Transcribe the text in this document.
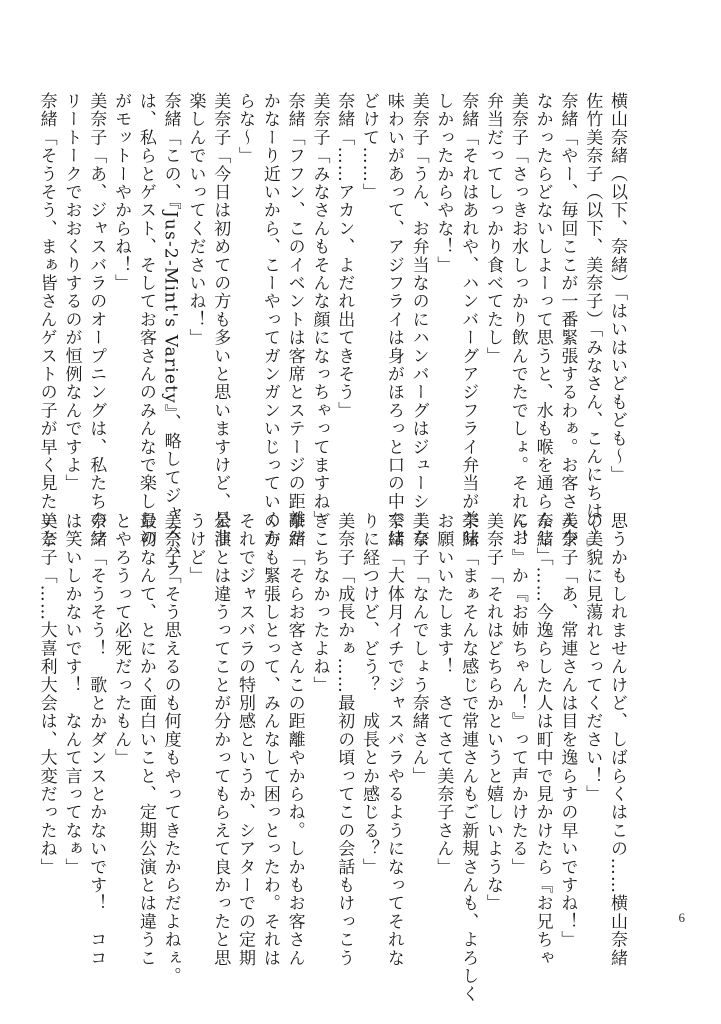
横山奈緒（以下、奈緒）「はいはいどもども～」

佐竹美奈子（以下、美奈子）「みなさん、こんにちは～」

奈緒「やー、毎回ここが一番緊張するわぁ。お客さん少

なかったらどないしよーって思うと、水も喉を通らんし」

美奈子「さっきお水しっかり飲んでたでしょ。それにお

弁当だってしっかり食べてたし」

奈緒「それはあれや、ハンバーグアジフライ弁当が美味

しかったからやな！」

美奈子「うん、お弁当なのにハンバーグはジューシーな

味わいがあって、アジフライは身がほろっと口の中でほ

どけて……」

奈緒「……アカン、よだれ出てきそう」

美奈子「みなさんもそんな顔になっちゃってますね」

奈緒「フフン、このイベントは客席とステージの距離が

かなーり近いから、こーやってガンガンいじっていくか

らな～」

美奈子「今日は初めての方も多いと思いますけど、是非

楽しんでいってくださいね！」

奈緒「この、『Jus-2-Mint's Variety』、略してジャスバラ

は、私らとゲスト、そしてお客さんのみんなで楽しむの

がモットーやからね！」

美奈子「あ、ジャスバラのオープニングは、私たちのフ

リートークでおおくりするのが恒例なんですよ」

奈緒「そうそう、まぁ皆さんゲストの子が早く見たいと

思うかもしれませんけど、しばらくはこの……横山奈緒

の美貌に見蕩れとってください！」

美奈子「あ、常連さんは目を逸らすの早いですね！」

奈緒「……今逸らした人は町中で見かけたら『お兄ちゃ

ん！』か『お姉ちゃん！』って声かけたる」

美奈子「それはどちらかというと嬉しいような」

奈緒「まぁそんな感じで常連さんもご新規さんも、よろしく

お願いいたします！　さてさて美奈子さん」

美奈子「なんでしょう奈緒さん」

奈緒「大体月イチでジャスバラやるようになってそれな

りに経つけど、どう？　成長とか感じる？」

美奈子「成長かぁ……最初の頃ってこの会話もけっこう

ぎこちなかったよね」

奈緒「そらお客さんこの距離やからね。しかもお客さん

の方も緊張しとって、みんなして困っとったわ。それは

それでジャスバラの特別感というか、シアターでの定期

公演とは違うってことが分かってもらえて良かったと思

うけど」

美奈子「そう思えるのも何度もやってきたからだよねぇ。

最初なんて、とにかく面白いこと、定期公演とは違うこ

とやろうって必死だったもん」

奈緒「そうそう！　歌とかダンスとかないです！　ココ

は笑いしかないです！　なんて言ってなぁ」

美奈子「……大喜利大会は、大変だったね」

6
